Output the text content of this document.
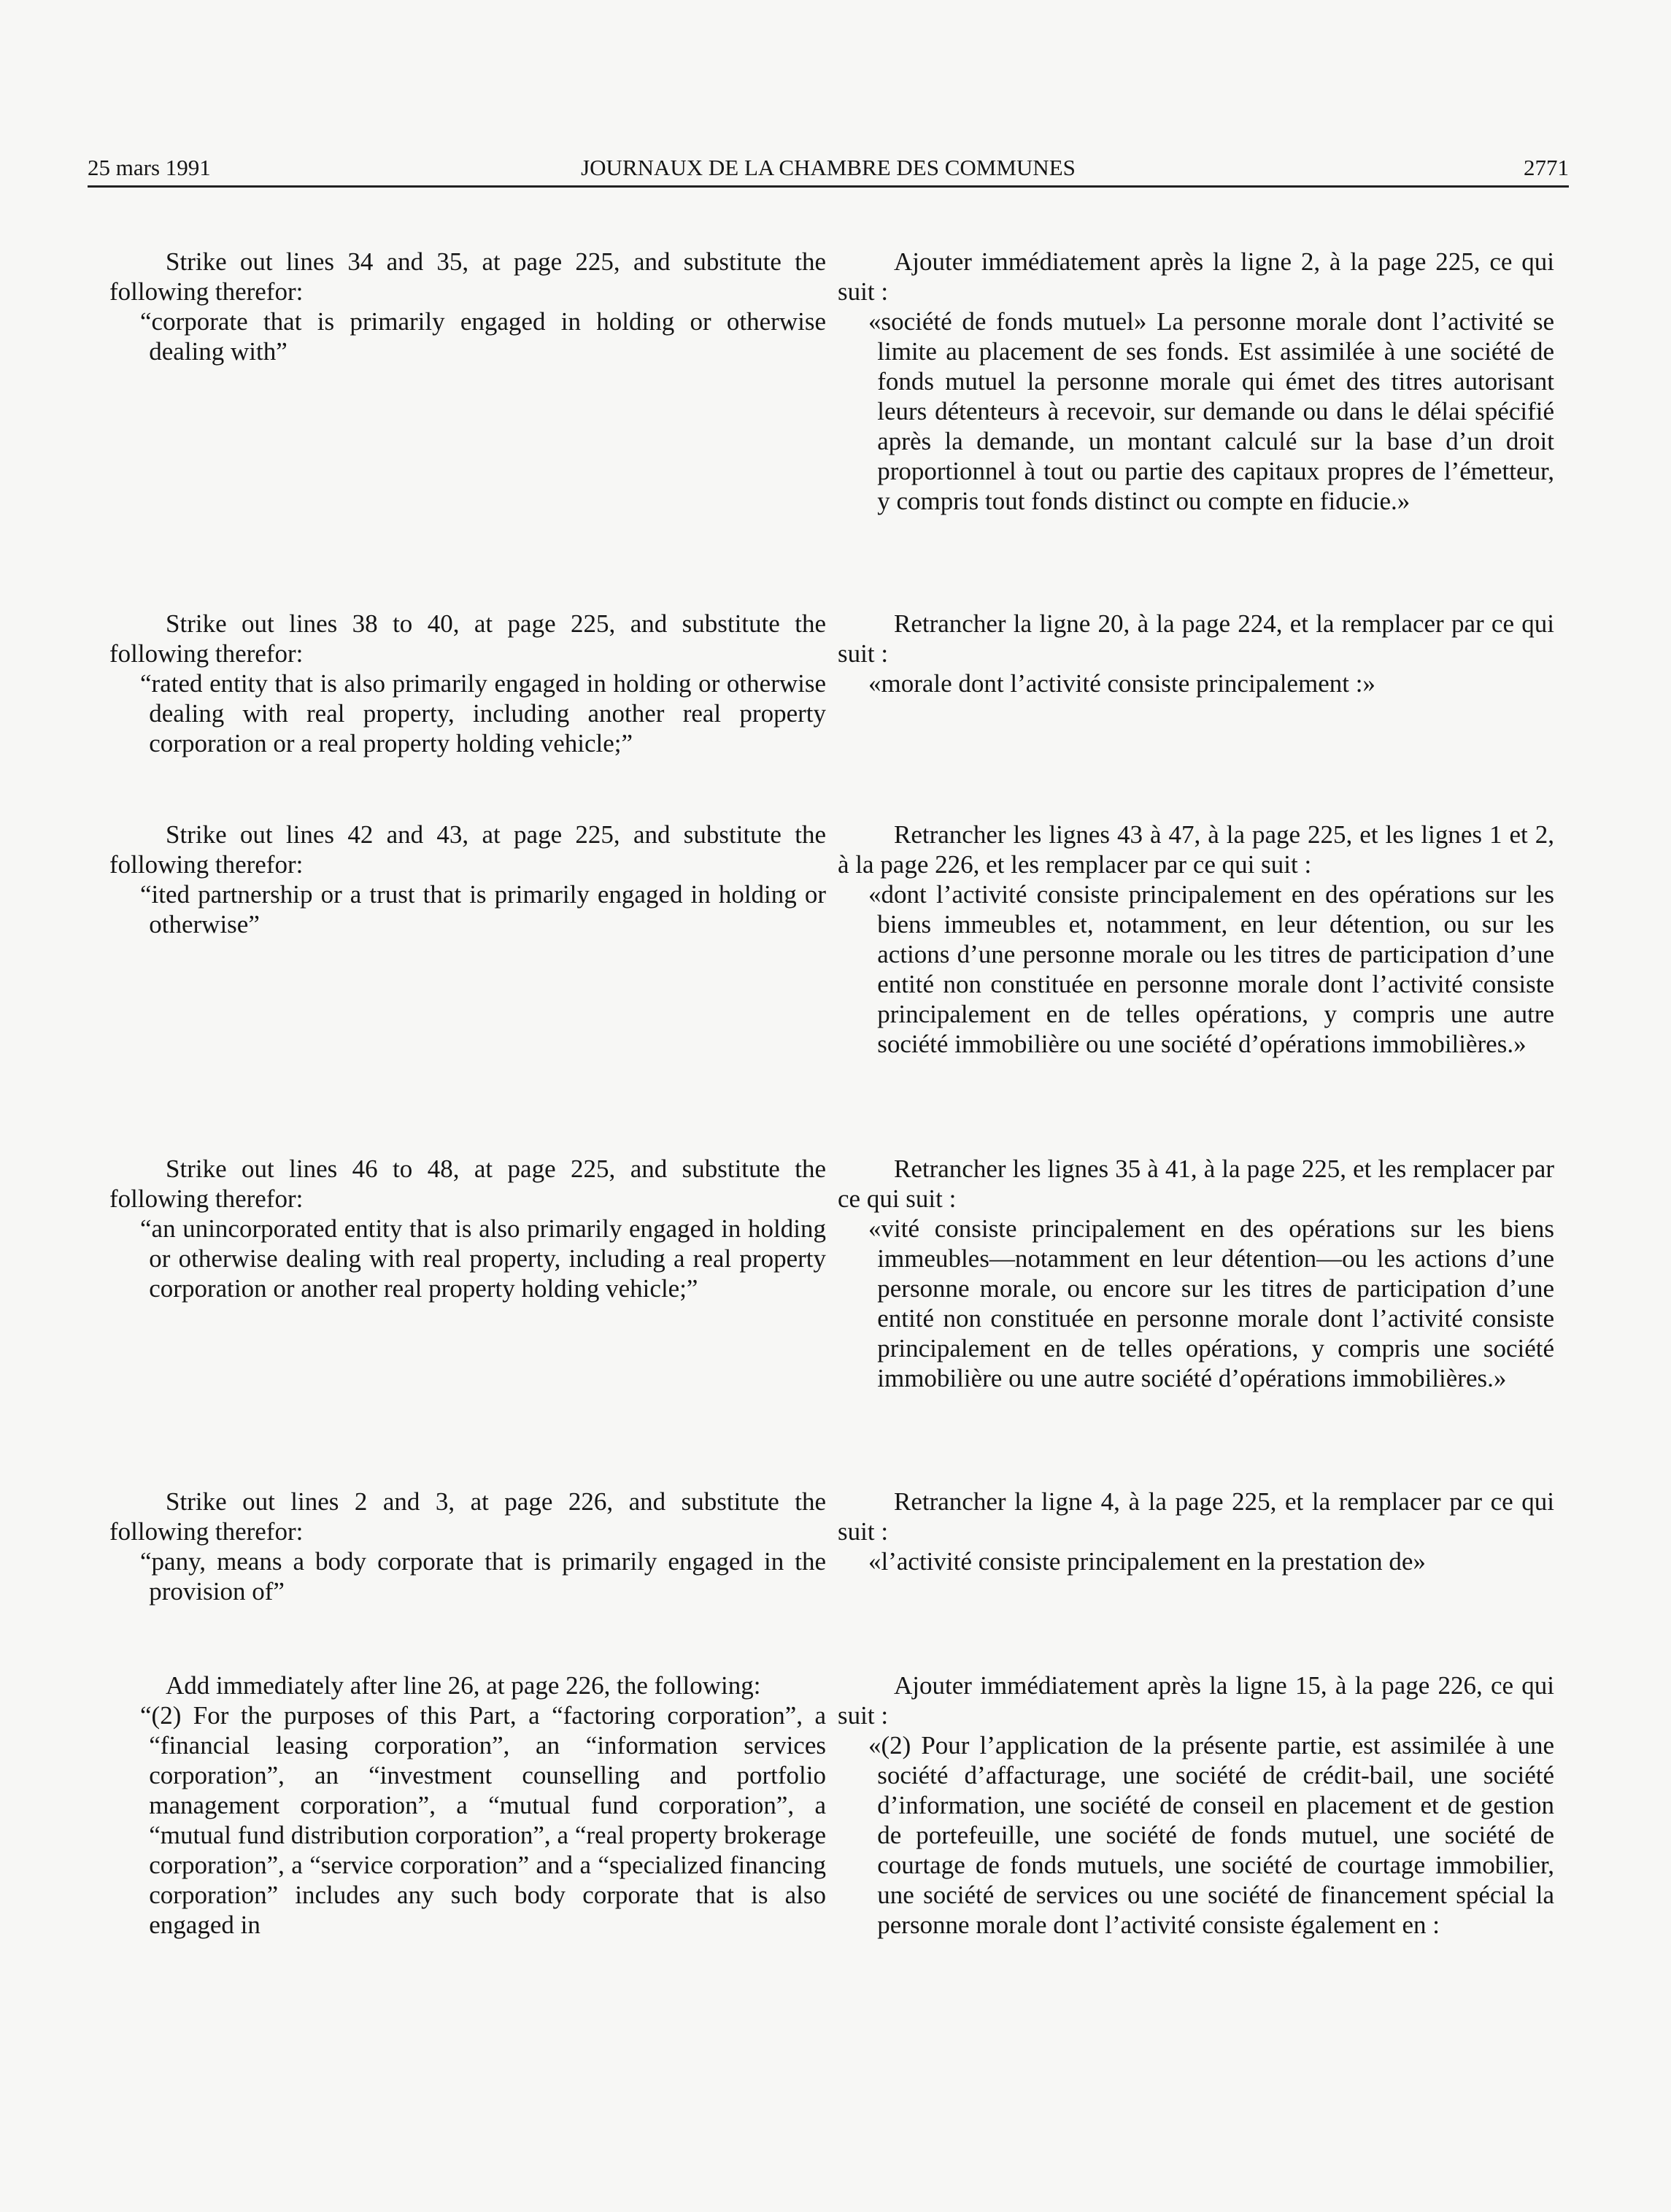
25 mars 1991	JOURNAUX DE LA CHAMBRE DES COMMUNES	2771

Strike out lines 34 and 35, at page 225, and substitute the following therefor:

“corporate that is primarily engaged in holding or otherwise dealing with”

Ajouter immédiatement après la ligne 2, à la page 225, ce qui suit :

«société de fonds mutuel» La personne morale dont l’activité se limite au placement de ses fonds. Est assimilée à une société de fonds mutuel la personne morale qui émet des titres autorisant leurs détenteurs à recevoir, sur demande ou dans le délai spécifié après la demande, un montant calculé sur la base d’un droit proportionnel à tout ou partie des capitaux propres de l’émetteur, y compris tout fonds distinct ou compte en fiducie.»

Strike out lines 38 to 40, at page 225, and substitute the following therefor:

“rated entity that is also primarily engaged in holding or otherwise dealing with real property, including another real property corporation or a real property holding vehicle;”

Retrancher la ligne 20, à la page 224, et la remplacer par ce qui suit :

«morale dont l’activité consiste principalement :»

Strike out lines 42 and 43, at page 225, and substitute the following therefor:

“ited partnership or a trust that is primarily engaged in holding or otherwise”

Retrancher les lignes 43 à 47, à la page 225, et les lignes 1 et 2, à la page 226, et les remplacer par ce qui suit :

«dont l’activité consiste principalement en des opérations sur les biens immeubles et, notamment, en leur détention, ou sur les actions d’une personne morale ou les titres de participation d’une entité non constituée en personne morale dont l’activité consiste principalement en de telles opérations, y compris une autre société immobilière ou une société d’opérations immobilières.»

Strike out lines 46 to 48, at page 225, and substitute the following therefor:

“an unincorporated entity that is also primarily engaged in holding or otherwise dealing with real property, including a real property corporation or another real property holding vehicle;”

Retrancher les lignes 35 à 41, à la page 225, et les remplacer par ce qui suit :

«vité consiste principalement en des opérations sur les biens immeubles—notamment en leur détention—ou les actions d’une personne morale, ou encore sur les titres de participation d’une entité non constituée en personne morale dont l’activité consiste principalement en de telles opérations, y compris une société immobilière ou une autre société d’opérations immobilières.»

Strike out lines 2 and 3, at page 226, and substitute the following therefor:

“pany, means a body corporate that is primarily engaged in the provision of”

Retrancher la ligne 4, à la page 225, et la remplacer par ce qui suit :

«l’activité consiste principalement en la prestation de»

Add immediately after line 26, at page 226, the following:

“(2) For the purposes of this Part, a “factoring corporation”, a “financial leasing corporation”, an “information services corporation”, an “investment counselling and portfolio management corporation”, a “mutual fund corporation”, a “mutual fund distribution corporation”, a “real property brokerage corporation”, a “service corporation” and a “specialized financing corporation” includes any such body corporate that is also engaged in

Ajouter immédiatement après la ligne 15, à la page 226, ce qui suit :

«(2) Pour l’application de la présente partie, est assimilée à une société d’affacturage, une société de crédit-bail, une société d’information, une société de conseil en placement et de gestion de portefeuille, une société de fonds mutuel, une société de courtage de fonds mutuels, une société de courtage immobilier, une société de services ou une société de financement spécial la personne morale dont l’activité consiste également en :
